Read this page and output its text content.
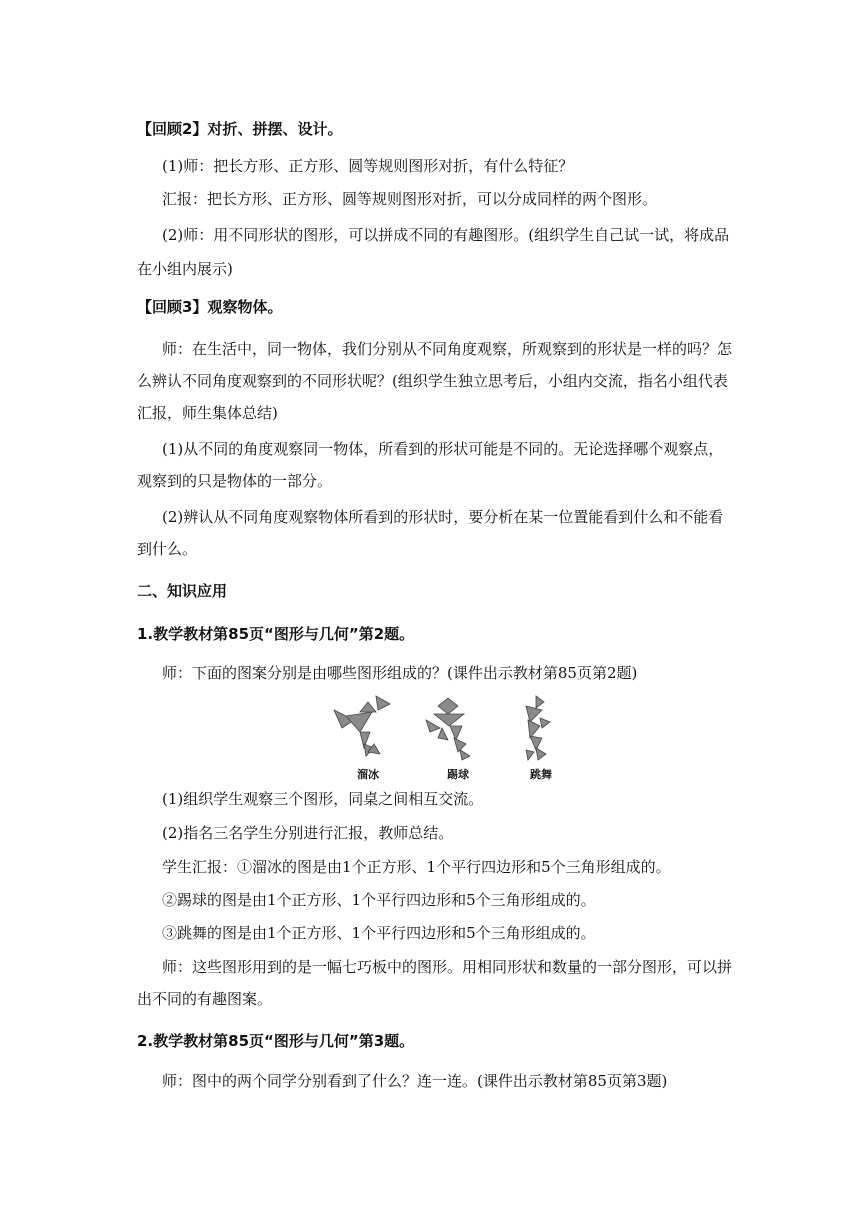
【回顾2】对折、拼摆、设计。
(1)师：把长方形、正方形、圆等规则图形对折，有什么特征？
汇报：把长方形、正方形、圆等规则图形对折，可以分成同样的两个图形。
(2)师：用不同形状的图形，可以拼成不同的有趣图形。(组织学生自己试一试，将成品
在小组内展示)
【回顾3】观察物体。
师：在生活中，同一物体，我们分别从不同角度观察，所观察到的形状是一样的吗？怎
么辨认不同角度观察到的不同形状呢？(组织学生独立思考后，小组内交流，指名小组代表
汇报，师生集体总结)
(1)从不同的角度观察同一物体，所看到的形状可能是不同的。无论选择哪个观察点，
观察到的只是物体的一部分。
(2)辨认从不同角度观察物体所看到的形状时，要分析在某一位置能看到什么和不能看
到什么。
二、知识应用
1.教学教材第85页“图形与几何”第2题。
师：下面的图案分别是由哪些图形组成的？(课件出示教材第85页第2题)
溜冰	踢球	跳舞
(1)组织学生观察三个图形，同桌之间相互交流。
(2)指名三名学生分别进行汇报，教师总结。
学生汇报：①溜冰的图是由1个正方形、1个平行四边形和5个三角形组成的。
②踢球的图是由1个正方形、1个平行四边形和5个三角形组成的。
③跳舞的图是由1个正方形、1个平行四边形和5个三角形组成的。
师：这些图形用到的是一幅七巧板中的图形。用相同形状和数量的一部分图形，可以拼
出不同的有趣图案。
2.教学教材第85页“图形与几何”第3题。
师：图中的两个同学分别看到了什么？连一连。(课件出示教材第85页第3题)
